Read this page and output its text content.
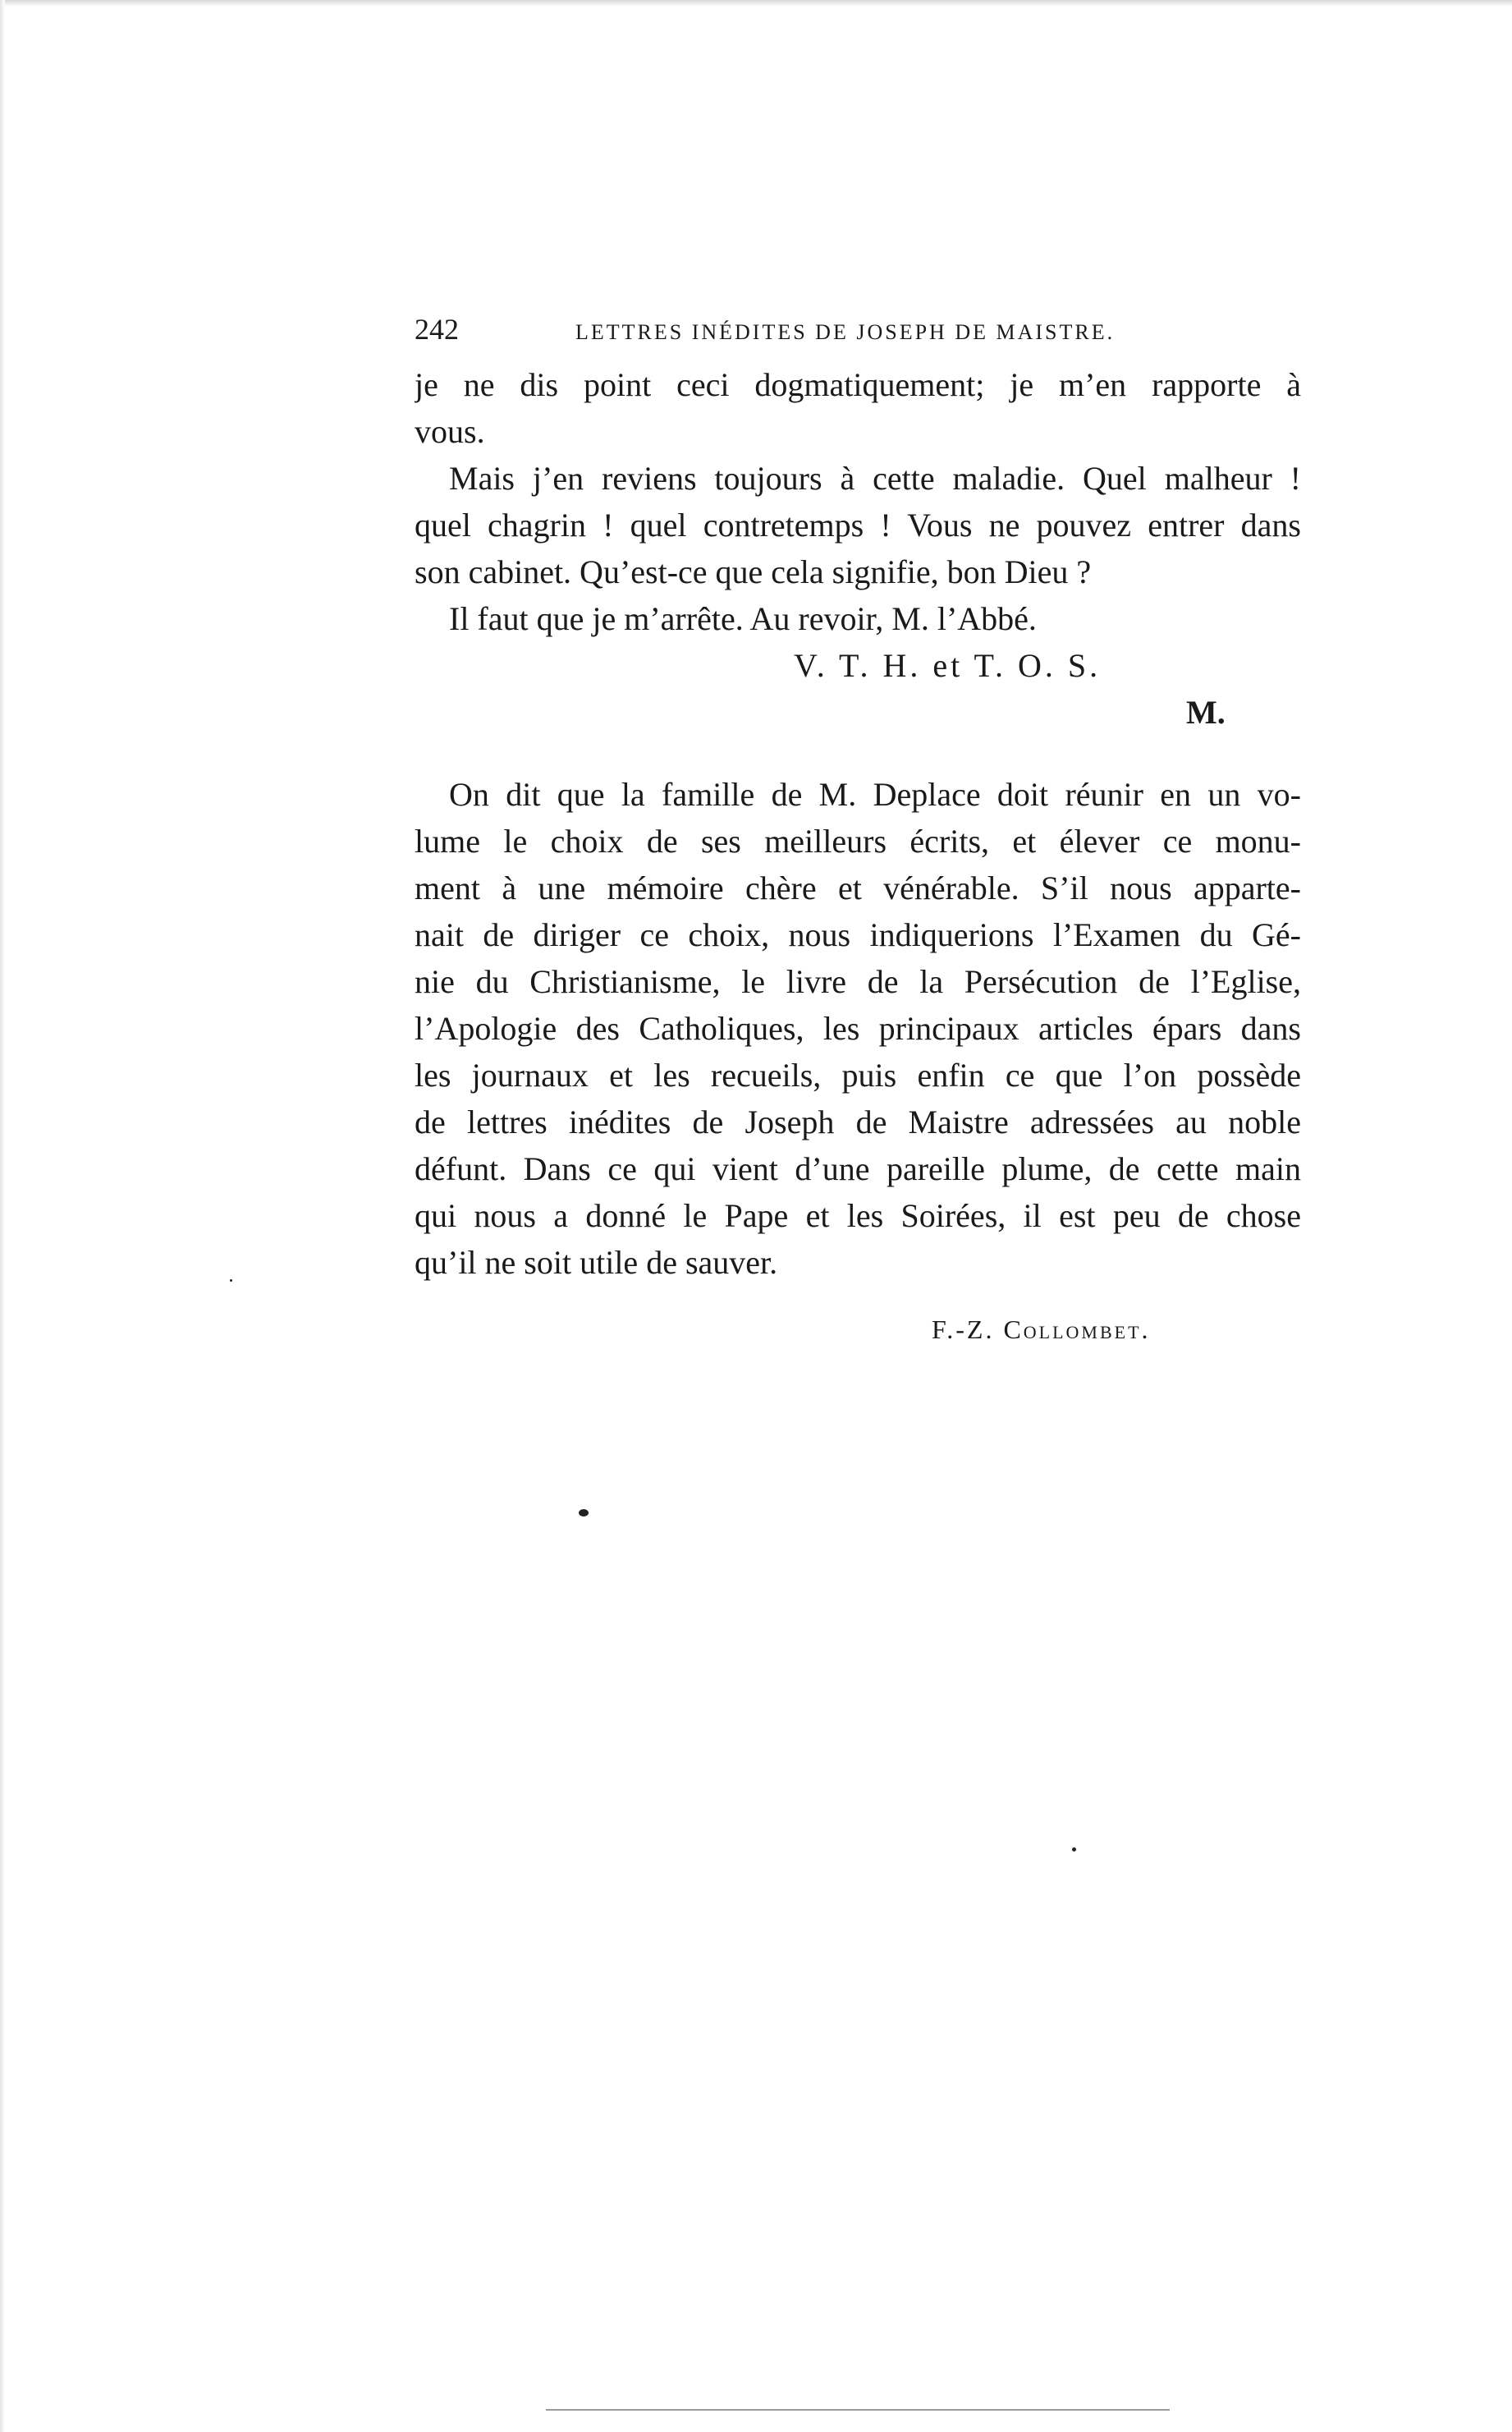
242	LETTRES INÉDITES DE JOSEPH DE MAISTRE.
je ne dis point ceci dogmatiquement; je m’en rapporte à
vous.
Mais j’en reviens toujours à cette maladie. Quel malheur !
quel chagrin ! quel contretemps ! Vous ne pouvez entrer dans
son cabinet. Qu’est-ce que cela signifie, bon Dieu ?
Il faut que je m’arrête. Au revoir, M. l’Abbé.
V. T. H. et T. O. S.
M.
On dit que la famille de M. Deplace doit réunir en un vo-
lume le choix de ses meilleurs écrits, et élever ce monu-
ment à une mémoire chère et vénérable. S’il nous apparte-
nait de diriger ce choix, nous indiquerions l’Examen du Gé-
nie du Christianisme, le livre de la Persécution de l’Eglise,
l’Apologie des Catholiques, les principaux articles épars dans
les journaux et les recueils, puis enfin ce que l’on possède
de lettres inédites de Joseph de Maistre adressées au noble
défunt. Dans ce qui vient d’une pareille plume, de cette main
qui nous a donné le Pape et les Soirées, il est peu de chose
qu’il ne soit utile de sauver.
F.-Z. Collombet.
